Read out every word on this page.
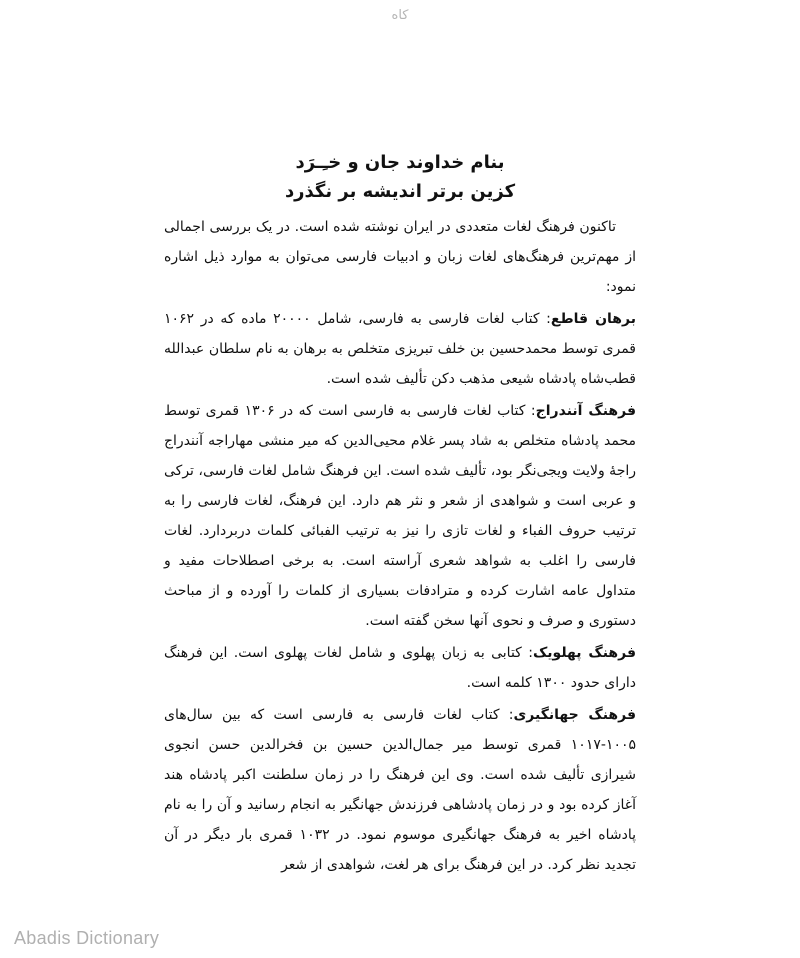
کاه
بنام خداوند جان و خـِـرَد
کزین برتر اندیشه بر نگذرد

تاکنون فرهنگ لغات متعددی در ایران نوشته شده است. در یک بررسی اجمالی از مهم‌ترین فرهنگ‌های لغات زبان و ادبیات فارسی می‌توان به موارد ذیل اشاره نمود:

برهان قاطع: کتاب لغات فارسی به فارسی، شامل ۲۰۰۰۰ ماده که در ۱۰۶۲ قمری توسط محمدحسین بن خلف تبریزی متخلص به برهان به نام سلطان عبدالله قطب‌شاه پادشاه شیعی مذهب دکن تألیف شده است.

فرهنگ آنندراج: کتاب لغات فارسی به فارسی است که در ۱۳۰۶ قمری توسط محمد پادشاه متخلص به شاد پسر غلام محیی‌الدین که میر منشی مهاراجه آنندراج راجهٔ ولایت ویجی‌نگر بود، تألیف شده است. این فرهنگ شامل لغات فارسی، ترکی و عربی است و شواهدی از شعر و نثر هم دارد. این فرهنگ، لغات فارسی را به ترتیب حروف الفباء و لغات تازی را نیز به ترتیب الفبائی کلمات دربردارد. لغات فارسی را اغلب به شواهد شعری آراسته است. به برخی اصطلاحات مفید و متداول عامه اشارت کرده و مترادفات بسیاری از کلمات را آورده و از مباحث دستوری و صرف و نحوی آنها سخن گفته است.

فرهنگ پهلویک: کتابی به زبان پهلوی و شامل لغات پهلوی است. این فرهنگ دارای حدود ۱۳۰۰ کلمه است.

فرهنگ جهانگیری: کتاب لغات فارسی به فارسی است که بین سال‌های ۱۰۰۵-۱۰۱۷ قمری توسط میر جمال‌الدین حسین بن فخرالدین حسن انجوی شیرازی تألیف شده است. وی این فرهنگ را در زمان سلطنت اکبر پادشاه هند آغاز کرده بود و در زمان پادشاهی فرزندش جهانگیر به انجام رسانید و آن را به نام پادشاه اخیر به فرهنگ جهانگیری موسوم نمود. در ۱۰۳۲ قمری بار دیگر در آن تجدید نظر کرد. در این فرهنگ برای هر لغت، شواهدی از شعر

Abadis Dictionary
